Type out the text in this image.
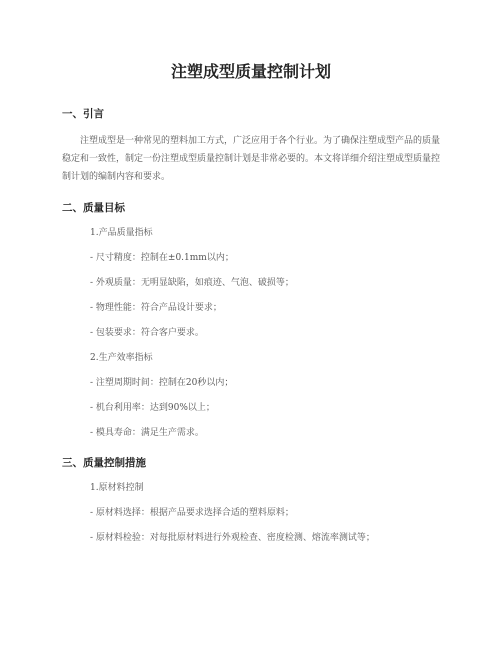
注塑成型质量控制计划
一、引言

注塑成型是一种常见的塑料加工方式，广泛应用于各个行业。为了确保注塑成型产品的质量稳定和一致性，制定一份注塑成型质量控制计划是非常必要的。本文将详细介绍注塑成型质量控制计划的编制内容和要求。

二、质量目标

1.产品质量指标

- 尺寸精度：控制在±0.1mm以内；

- 外观质量：无明显缺陷，如痕迹、气泡、破损等；

- 物理性能：符合产品设计要求；

- 包装要求：符合客户要求。

2.生产效率指标

- 注塑周期时间：控制在20秒以内；

- 机台利用率：达到90%以上；

- 模具寿命：满足生产需求。

三、质量控制措施

1.原材料控制

- 原材料选择：根据产品要求选择合适的塑料原料；

- 原材料检验：对每批原材料进行外观检查、密度检测、熔流率测试等；
